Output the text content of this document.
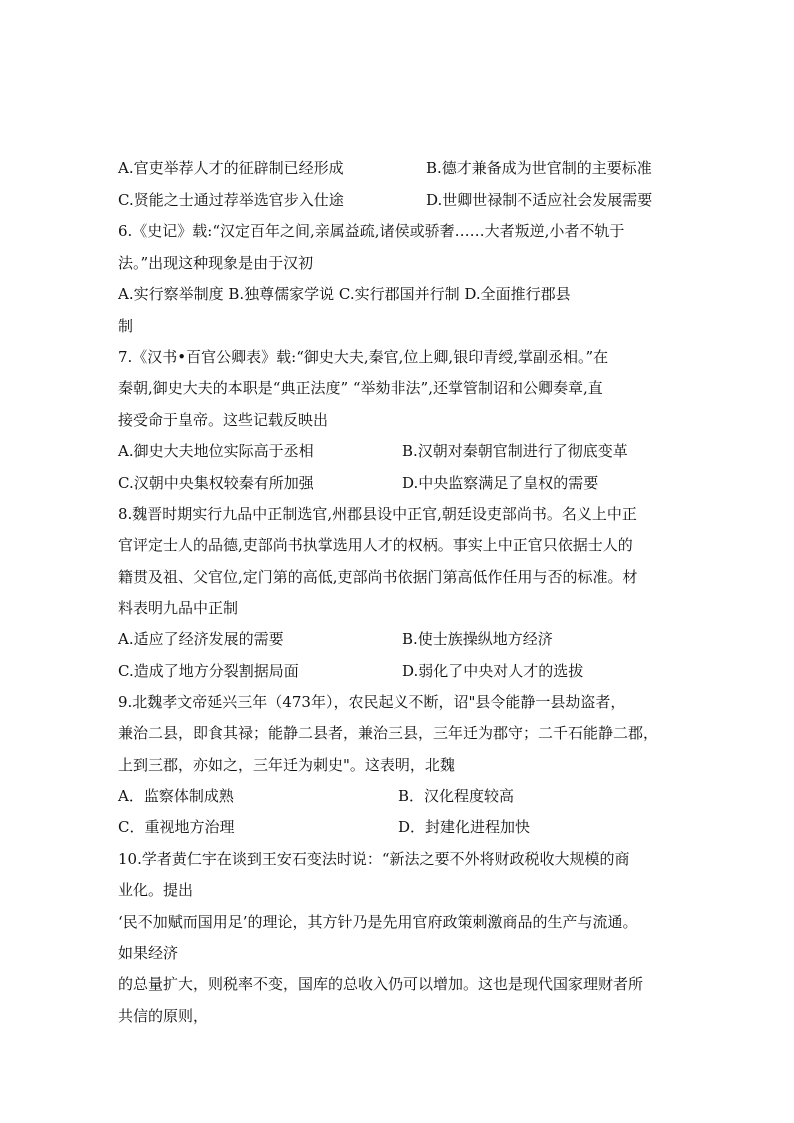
A.官吏举荐人才的征辟制已经形成	B.德才兼备成为世官制的主要标准
C.贤能之士通过荐举选官步入仕途	D.世卿世禄制不适应社会发展需要
6.《史记》载:“汉定百年之间,亲属益疏,诸侯或骄奢……大者叛逆,小者不轨于
法。”出现这种现象是由于汉初
A.实行察举制度 B.独尊儒家学说 C.实行郡国并行制 D.全面推行郡县
制
7.《汉书•百官公卿表》载:“御史大夫,秦官,位上卿,银印青绶,掌副丞相。”在
秦朝,御史大夫的本职是“典正法度” “举劾非法”,还掌管制诏和公卿奏章,直
接受命于皇帝。这些记载反映出
A.御史大夫地位实际高于丞相	B.汉朝对秦朝官制进行了彻底变革
C.汉朝中央集权较秦有所加强	D.中央监察满足了皇权的需要
8.魏晋时期实行九品中正制选官,州郡县设中正官,朝廷设吏部尚书。名义上中正
官评定士人的品德,吏部尚书执掌选用人才的权柄。事实上中正官只依据士人的
籍贯及祖、父官位,定门第的高低,吏部尚书依据门第高低作任用与否的标准。材
料表明九品中正制
A.适应了经济发展的需要	B.使士族操纵地方经济
C.造成了地方分裂割据局面	D.弱化了中央对人才的选拔
9.北魏孝文帝延兴三年（473年），农民起义不断，诏"县令能静一县劫盗者，
兼治二县，即食其禄；能静二县者，兼治三县，三年迁为郡守；二千石能静二郡，
上到三郡，亦如之，三年迁为刺史"。这表明，北魏
A．监察体制成熟	B．汉化程度较高
C．重视地方治理	D．封建化进程加快
10.学者黄仁宇在谈到王安石变法时说：“新法之要不外将财政税收大规模的商
业化。提出
‘民不加赋而国用足’的理论，其方针乃是先用官府政策刺激商品的生产与流通。
如果经济
的总量扩大，则税率不变，国库的总收入仍可以增加。这也是现代国家理财者所
共信的原则，
